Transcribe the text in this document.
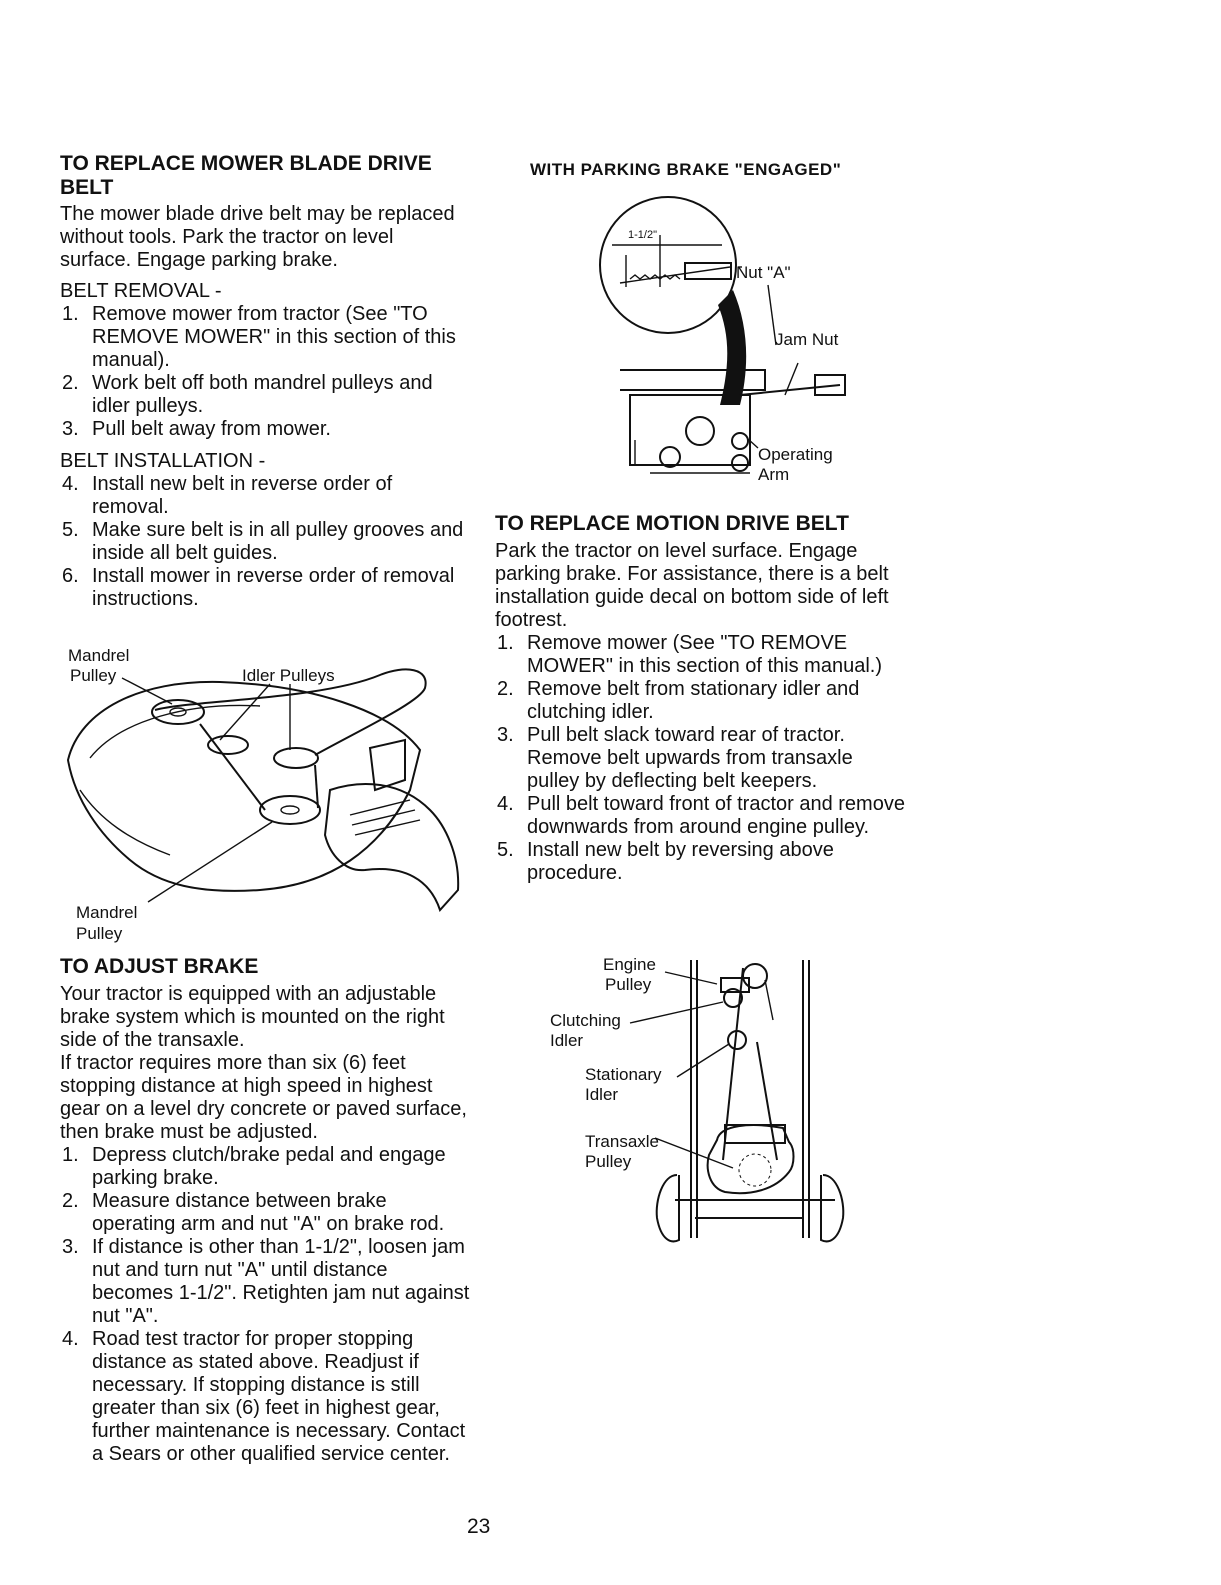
TO REPLACE MOWER BLADE DRIVE BELT

The mower blade drive belt may be replaced without tools. Park the tractor on level surface. Engage parking brake.

BELT REMOVAL -

1. Remove mower from tractor (See "TO REMOVE MOWER" in this section of this manual).
2. Work belt off both mandrel pulleys and idler pulleys.
3. Pull belt away from mower.

BELT INSTALLATION -

4. Install new belt in reverse order of removal.
5. Make sure belt is in all pulley grooves and inside all belt guides.
6. Install mower in reverse order of removal instructions.
Mandrel
Pulley	Idler Pulleys
Mandrel
Pulley

TO ADJUST BRAKE

Your tractor is equipped with an adjustable brake system which is mounted on the right side of the transaxle.

If tractor requires more than six (6) feet stopping distance at high speed in highest gear on a level dry concrete or paved surface, then brake must be adjusted.

1. Depress clutch/brake pedal and engage parking brake.
2. Measure distance between brake operating arm and nut "A" on brake rod.
3. If distance is other than 1-1/2", loosen jam nut and turn nut "A" until distance becomes 1-1/2". Retighten jam nut against nut "A".
4. Road test tractor for proper stopping distance as stated above. Readjust if necessary. If stopping distance is still greater than six (6) feet in highest gear, further maintenance is necessary. Contact a Sears or other qualified service center.

WITH PARKING BRAKE "ENGAGED"

1-1/2"
Nut "A"
Jam Nut
Operating
Arm

TO REPLACE MOTION DRIVE BELT

Park the tractor on level surface. Engage parking brake. For assistance, there is a belt installation guide decal on bottom side of left footrest.

1. Remove mower (See "TO REMOVE MOWER" in this section of this manual.)
2. Remove belt from stationary idler and clutching idler.
3. Pull belt slack toward rear of tractor. Remove belt upwards from transaxle pulley by deflecting belt keepers.
4. Pull belt toward front of tractor and remove downwards from around engine pulley.
5. Install new belt by reversing above procedure.
Engine
Pulley
Clutching
Idler
Stationary
Idler
Transaxle
Pulley
23
